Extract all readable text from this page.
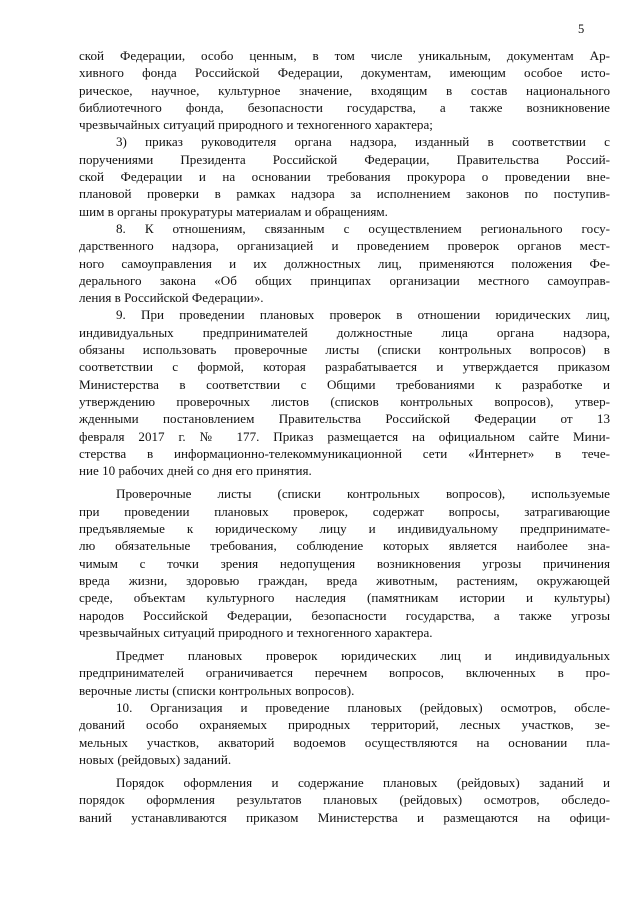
5
ской Федерации, особо ценным, в том числе уникальным, документам Ар-
хивного фонда Российской Федерации, документам, имеющим особое исто-
рическое, научное, культурное значение, входящим в состав национального
библиотечного фонда, безопасности государства, а также возникновение
чрезвычайных ситуаций природного и техногенного характера;
3) приказ руководителя органа надзора, изданный в соответствии с
поручениями Президента Российской Федерации, Правительства Россий-
ской Федерации и на основании требования прокурора о проведении вне-
плановой проверки в рамках надзора за исполнением законов по поступив-
шим в органы прокуратуры материалам и обращениям.
8. К отношениям, связанным с осуществлением регионального госу-
дарственного надзора, организацией и проведением проверок органов мест-
ного самоуправления и их должностных лиц, применяются положения Фе-
дерального закона «Об общих принципах организации местного самоуправ-
ления в Российской Федерации».
9. При проведении плановых проверок в отношении юридических лиц,
индивидуальных предпринимателей должностные лица органа надзора,
обязаны использовать проверочные листы (списки контрольных вопросов) в
соответствии с формой, которая разрабатывается и утверждается приказом
Министерства в соответствии с Общими требованиями к разработке и
утверждению проверочных листов (списков контрольных вопросов), утвер-
жденными постановлением Правительства Российской Федерации от 13
февраля 2017 г. № 177. Приказ размещается на официальном сайте Мини-
стерства в информационно-телекоммуникационной сети «Интернет» в тече-
ние 10 рабочих дней со дня его принятия.
Проверочные листы (списки контрольных вопросов), используемые
при проведении плановых проверок, содержат вопросы, затрагивающие
предъявляемые к юридическому лицу и индивидуальному предпринимате-
лю обязательные требования, соблюдение которых является наиболее зна-
чимым с точки зрения недопущения возникновения угрозы причинения
вреда жизни, здоровью граждан, вреда животным, растениям, окружающей
среде, объектам культурного наследия (памятникам истории и культуры)
народов Российской Федерации, безопасности государства, а также угрозы
чрезвычайных ситуаций природного и техногенного характера.
Предмет плановых проверок юридических лиц и индивидуальных
предпринимателей ограничивается перечнем вопросов, включенных в про-
верочные листы (списки контрольных вопросов).
10. Организация и проведение плановых (рейдовых) осмотров, обсле-
дований особо охраняемых природных территорий, лесных участков, зе-
мельных участков, акваторий водоемов осуществляются на основании пла-
новых (рейдовых) заданий.
Порядок оформления и содержание плановых (рейдовых) заданий и
порядок оформления результатов плановых (рейдовых) осмотров, обследо-
ваний устанавливаются приказом Министерства и размещаются на офици-
